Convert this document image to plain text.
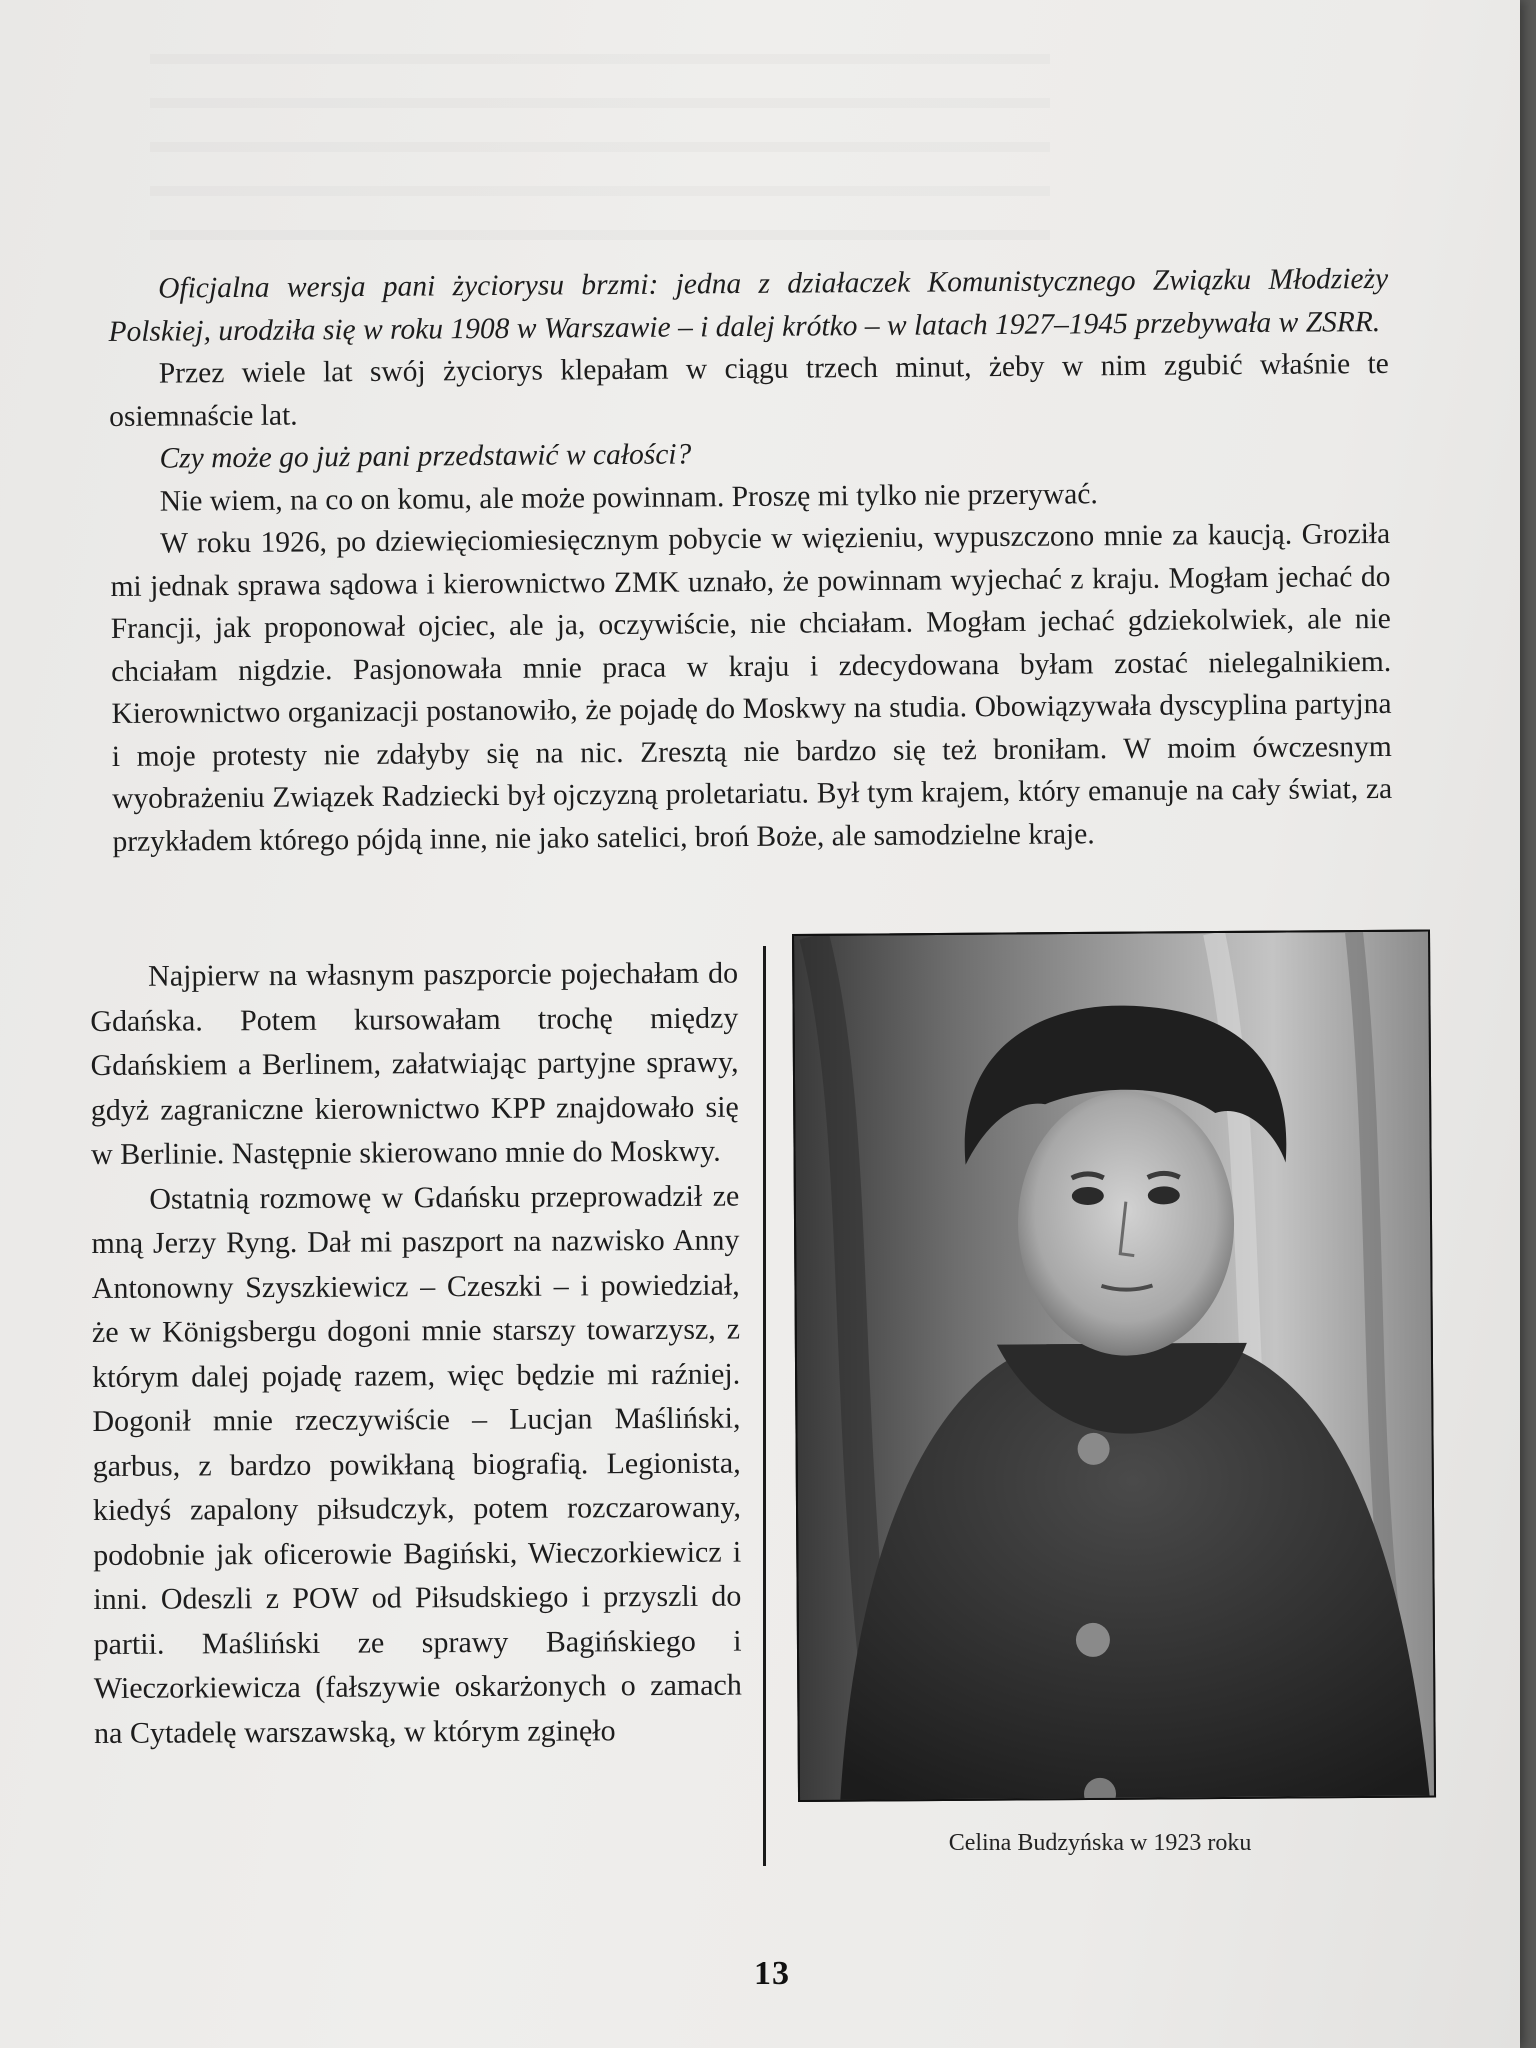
Oficjalna wersja pani życiorysu brzmi: jedna z działaczek Komunistycznego Związku Młodzieży Polskiej, urodziła się w roku 1908 w Warszawie – i dalej krótko – w latach 1927–1945 przebywała w ZSRR.

Przez wiele lat swój życiorys klepałam w ciągu trzech minut, żeby w nim zgubić właśnie te osiemnaście lat.

Czy może go już pani przedstawić w całości?

Nie wiem, na co on komu, ale może powinnam. Proszę mi tylko nie przerywać.

W roku 1926, po dziewięciomiesięcznym pobycie w więzieniu, wypuszczono mnie za kaucją. Groziła mi jednak sprawa sądowa i kierownictwo ZMK uznało, że powinnam wyjechać z kraju. Mogłam jechać do Francji, jak proponował ojciec, ale ja, oczywiście, nie chciałam. Mogłam jechać gdziekolwiek, ale nie chciałam nigdzie. Pasjonowała mnie praca w kraju i zdecydowana byłam zostać nielegalnikiem. Kierownictwo organizacji postanowiło, że pojadę do Moskwy na studia. Obowiązywała dyscyplina partyjna i moje protesty nie zdałyby się na nic. Zresztą nie bardzo się też broniłam. W moim ówczesnym wyobrażeniu Związek Radziecki był ojczyzną proletariatu. Był tym krajem, który emanuje na cały świat, za przykładem którego pójdą inne, nie jako satelici, broń Boże, ale samodzielne kraje.

Najpierw na własnym paszporcie pojechałam do Gdańska. Potem kursowałam trochę między Gdańskiem a Berlinem, załatwiając partyjne sprawy, gdyż zagraniczne kierownictwo KPP znajdowało się w Berlinie. Następnie skierowano mnie do Moskwy.

Ostatnią rozmowę w Gdańsku przeprowadził ze mną Jerzy Ryng. Dał mi paszport na nazwisko Anny Antonowny Szyszkiewicz – Czeszki – i powiedział, że w Königsbergu dogoni mnie starszy towarzysz, z którym dalej pojadę razem, więc będzie mi raźniej. Dogonił mnie rzeczywiście – Lucjan Maśliński, garbus, z bardzo powikłaną biografią. Legionista, kiedyś zapalony piłsudczyk, potem rozczarowany, podobnie jak oficerowie Bagiński, Wieczorkiewicz i inni. Odeszli z POW od Piłsudskiego i przyszli do partii. Maśliński ze sprawy Bagińskiego i Wieczorkiewicza (fałszywie oskarżonych o zamach na Cytadelę warszawską, w którym zginęło

Celina Budzyńska w 1923 roku
13
